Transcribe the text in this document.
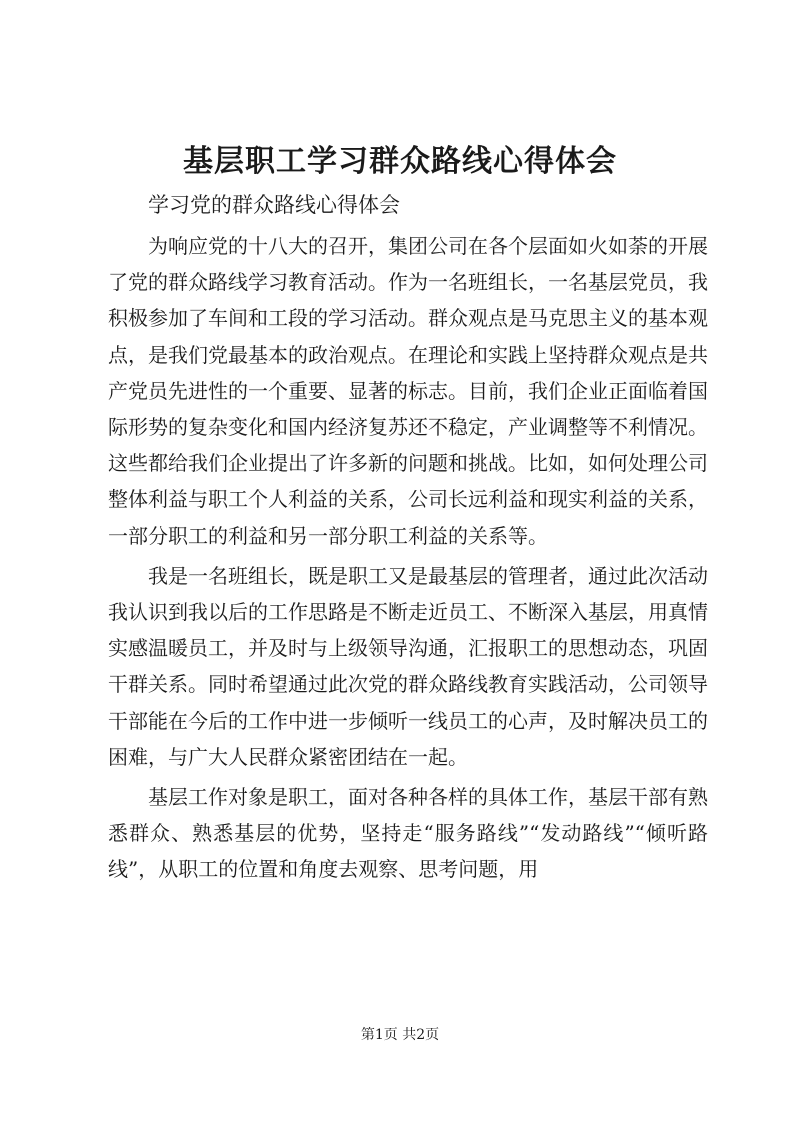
基层职工学习群众路线心得体会
学习党的群众路线心得体会

为响应党的十八大的召开，集团公司在各个层面如火如荼的开展了党的群众路线学习教育活动。作为一名班组长，一名基层党员，我积极参加了车间和工段的学习活动。群众观点是马克思主义的基本观点，是我们党最基本的政治观点。在理论和实践上坚持群众观点是共产党员先进性的一个重要、显著的标志。目前，我们企业正面临着国际形势的复杂变化和国内经济复苏还不稳定，产业调整等不利情况。这些都给我们企业提出了许多新的问题和挑战。比如，如何处理公司整体利益与职工个人利益的关系，公司长远利益和现实利益的关系，一部分职工的利益和另一部分职工利益的关系等。

我是一名班组长，既是职工又是最基层的管理者，通过此次活动我认识到我以后的工作思路是不断走近员工、不断深入基层，用真情实感温暖员工，并及时与上级领导沟通，汇报职工的思想动态，巩固干群关系。同时希望通过此次党的群众路线教育实践活动，公司领导干部能在今后的工作中进一步倾听一线员工的心声，及时解决员工的困难，与广大人民群众紧密团结在一起。

基层工作对象是职工，面对各种各样的具体工作，基层干部有熟悉群众、熟悉基层的优势，坚持走“服务路线”“发动路线”“倾听路线”，从职工的位置和角度去观察、思考问题，用

第1页 共2页
